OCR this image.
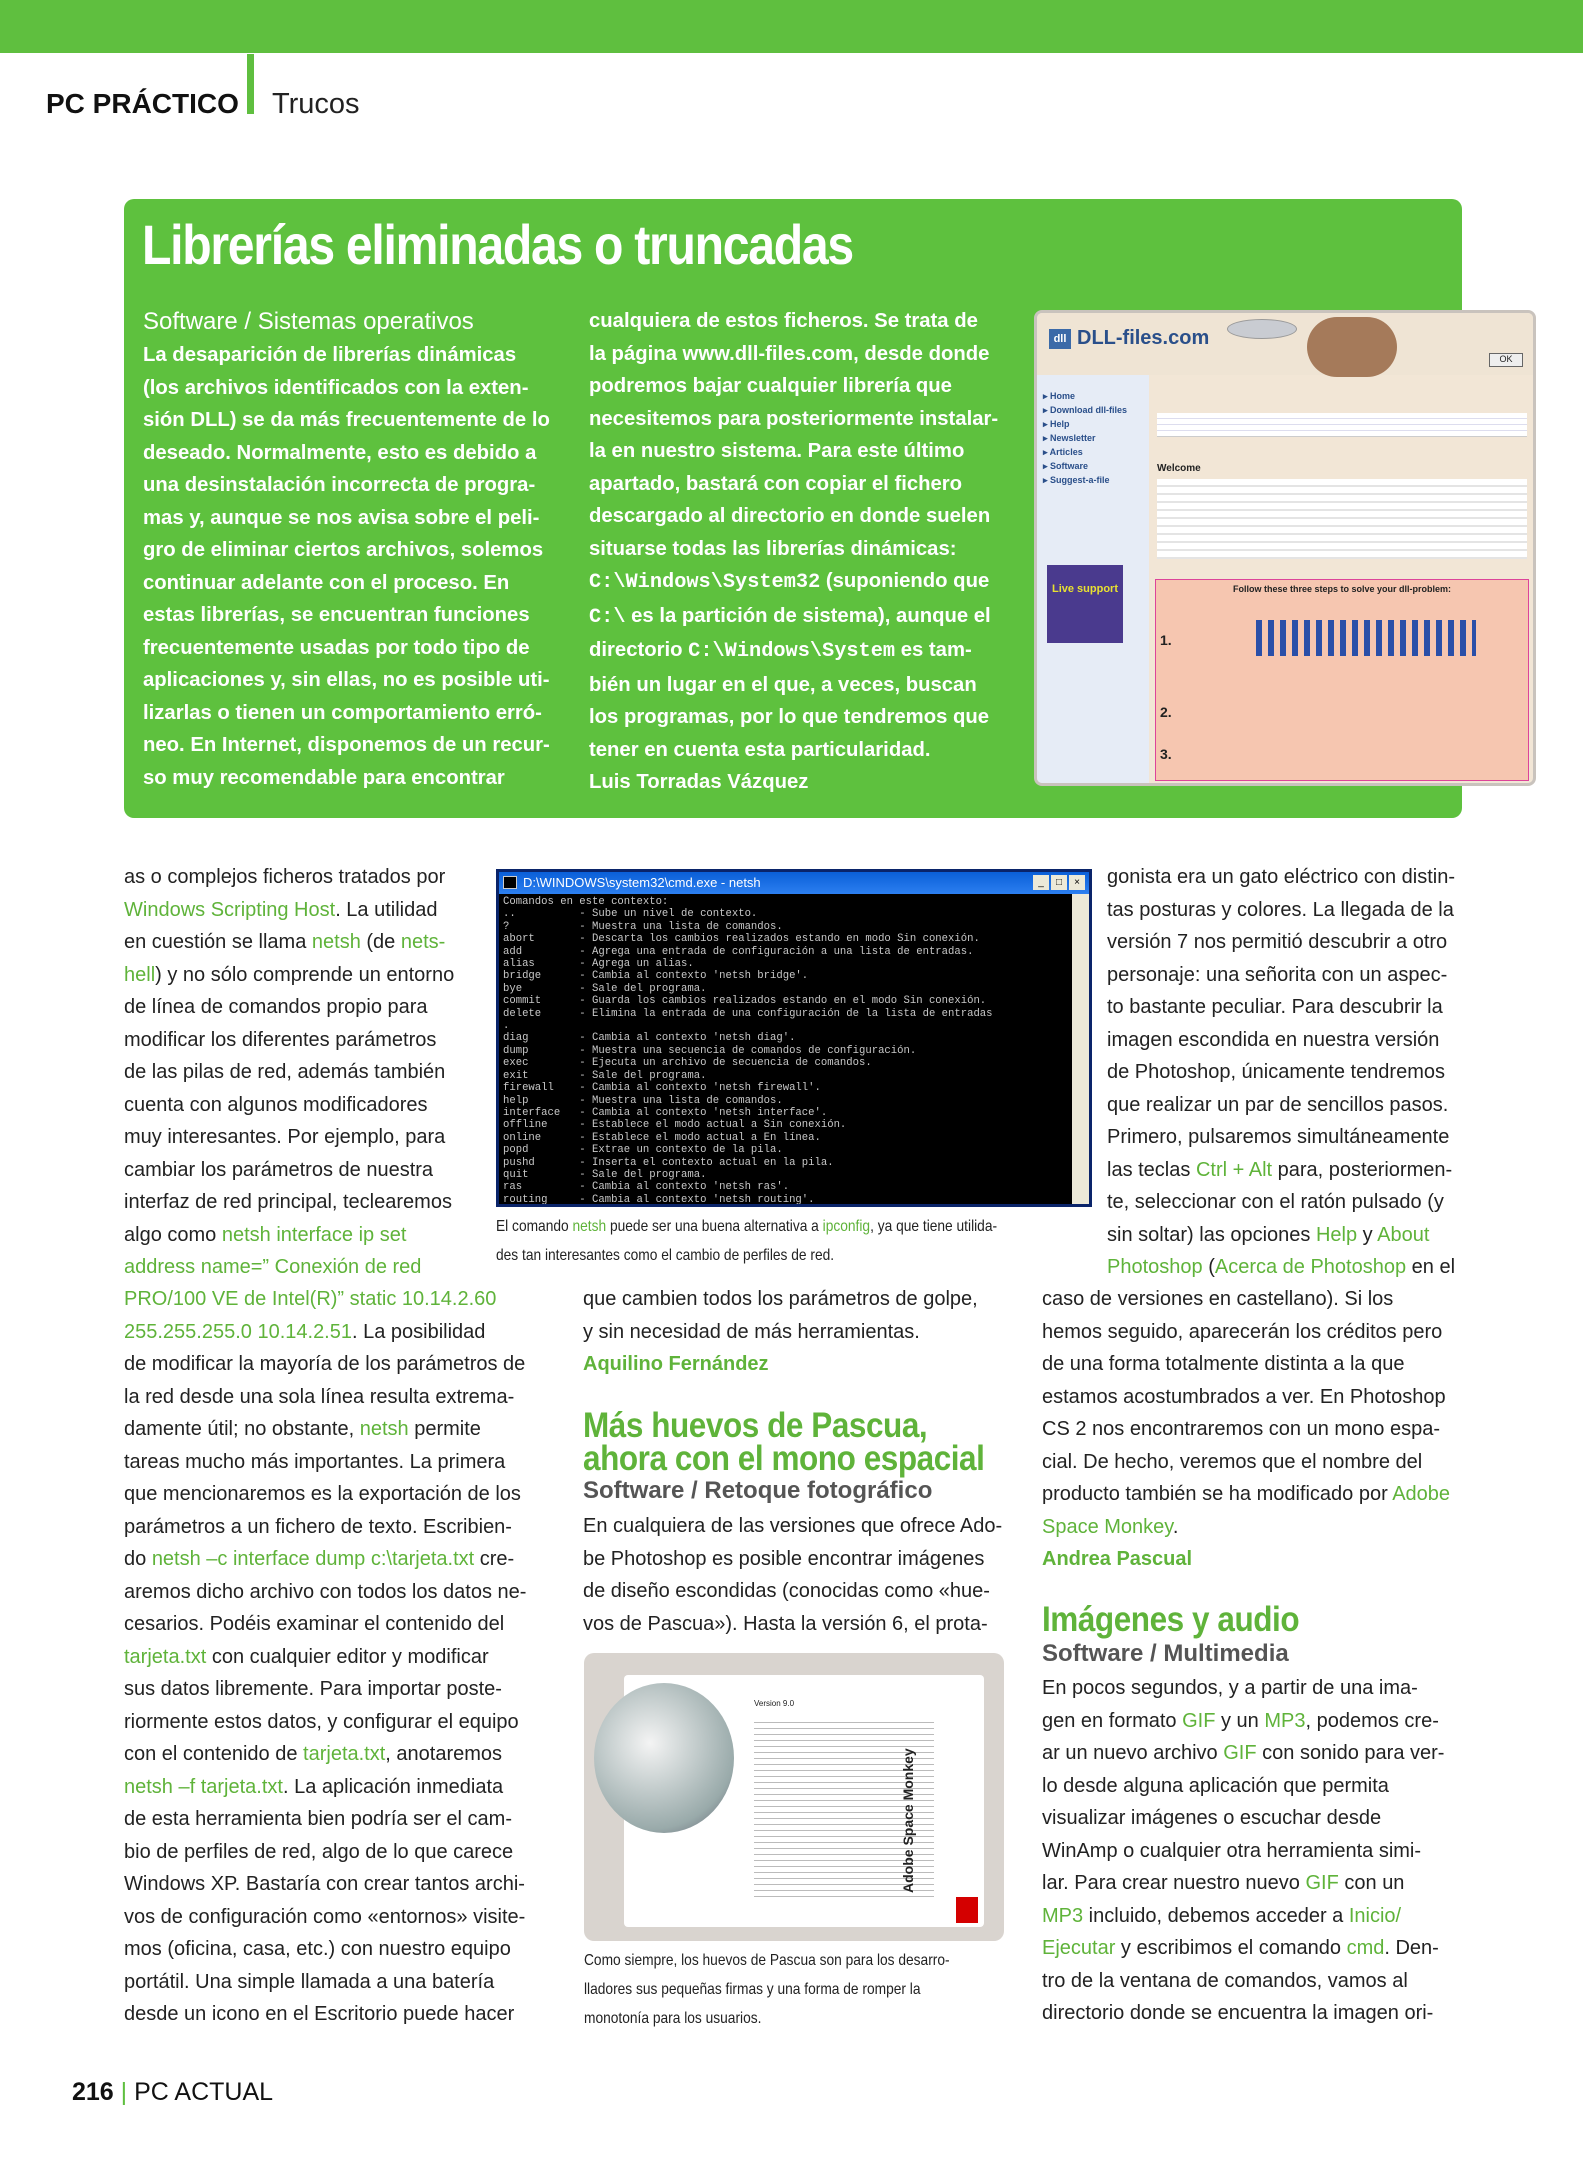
PC PRÁCTICO Trucos
Librerías eliminadas o truncadas
Software / Sistemas operativos
La desaparición de librerías dinámicas
(los archivos identificados con la exten-
sión DLL) se da más frecuentemente de lo
deseado. Normalmente, esto es debido a
una desinstalación incorrecta de progra-
mas y, aunque se nos avisa sobre el peli-
gro de eliminar ciertos archivos, solemos
continuar adelante con el proceso. En
estas librerías, se encuentran funciones
frecuentemente usadas por todo tipo de
aplicaciones y, sin ellas, no es posible uti-
lizarlas o tienen un comportamiento erró-
neo. En Internet, disponemos de un recur-
so muy recomendable para encontrar
cualquiera de estos ficheros. Se trata de
la página www.dll-files.com, desde donde
podremos bajar cualquier librería que
necesitemos para posteriormente instalar-
la en nuestro sistema. Para este último
apartado, bastará con copiar el fichero
descargado al directorio en donde suelen
situarse todas las librerías dinámicas:
C:\Windows\System32 (suponiendo que
C:\ es la partición de sistema), aunque el
directorio C:\Windows\System es tam-
bién un lugar en el que, a veces, buscan
los programas, por lo que tendremos que
tener en cuenta esta particularidad.
Luis Torradas Vázquez
dll DLL-files.com
OK
▸ Home
▸ Download dll-files
▸ Help
▸ Newsletter
▸ Articles
▸ Software
▸ Suggest-a-file
Live support
Welcome
Follow these three steps to solve your dll-problem:
1.
2.
3.
as o complejos ficheros tratados por
Windows Scripting Host. La utilidad
en cuestión se llama netsh (de nets-
hell) y no sólo comprende un entorno
de línea de comandos propio para
modificar los diferentes parámetros
de las pilas de red, además también
cuenta con algunos modificadores
muy interesantes. Por ejemplo, para
cambiar los parámetros de nuestra
interfaz de red principal, teclearemos
algo como netsh interface ip set
address name=” Conexión de red
PRO/100 VE de Intel(R)” static 10.14.2.60
255.255.255.0 10.14.2.51. La posibilidad
de modificar la mayoría de los parámetros de
la red desde una sola línea resulta extrema-
damente útil; no obstante, netsh permite
tareas mucho más importantes. La primera
que mencionaremos es la exportación de los
parámetros a un fichero de texto. Escribien-
do netsh –c interface dump c:\tarjeta.txt cre-
aremos dicho archivo con todos los datos ne-
cesarios. Podéis examinar el contenido del
tarjeta.txt con cualquier editor y modificar
sus datos libremente. Para importar poste-
riormente estos datos, y configurar el equipo
con el contenido de tarjeta.txt, anotaremos
netsh –f tarjeta.txt. La aplicación inmediata
de esta herramienta bien podría ser el cam-
bio de perfiles de red, algo de lo que carece
Windows XP. Bastaría con crear tantos archi-
vos de configuración como «entornos» visite-
mos (oficina, casa, etc.) con nuestro equipo
portátil. Una simple llamada a una batería
desde un icono en el Escritorio puede hacer
D:\WINDOWS\system32\cmd.exe - netsh	_	□	×
Comandos en este contexto:
..          - Sube un nivel de contexto.
?           - Muestra una lista de comandos.
abort       - Descarta los cambios realizados estando en modo Sin conexión.
add         - Agrega una entrada de configuración a una lista de entradas.
alias       - Agrega un alias.
bridge      - Cambia al contexto 'netsh bridge'.
bye         - Sale del programa.
commit      - Guarda los cambios realizados estando en el modo Sin conexión.
delete      - Elimina la entrada de una configuración de la lista de entradas
.
diag        - Cambia al contexto 'netsh diag'.
dump        - Muestra una secuencia de comandos de configuración.
exec        - Ejecuta un archivo de secuencia de comandos.
exit        - Sale del programa.
firewall    - Cambia al contexto 'netsh firewall'.
help        - Muestra una lista de comandos.
interface   - Cambia al contexto 'netsh interface'.
offline     - Establece el modo actual a Sin conexión.
online      - Establece el modo actual a En línea.
popd        - Extrae un contexto de la pila.
pushd       - Inserta el contexto actual en la pila.
quit        - Sale del programa.
ras         - Cambia al contexto 'netsh ras'.
routing     - Cambia al contexto 'netsh routing'.
El comando netsh puede ser una buena alternativa a ipconfig, ya que tiene utilida-
des tan interesantes como el cambio de perfiles de red.
que cambien todos los parámetros de golpe,
y sin necesidad de más herramientas.
Aquilino Fernández
Más huevos de Pascua,
ahora con el mono espacial
Software / Retoque fotográfico
En cualquiera de las versiones que ofrece Ado-
be Photoshop es posible encontrar imágenes
de diseño escondidas (conocidas como «hue-
vos de Pascua»). Hasta la versión 6, el prota-
Version 9.0
Adobe Space Monkey
Como siempre, los huevos de Pascua son para los desarro-
lladores sus pequeñas firmas y una forma de romper la
monotonía para los usuarios.
gonista era un gato eléctrico con distin-
tas posturas y colores. La llegada de la
versión 7 nos permitió descubrir a otro
personaje: una señorita con un aspec-
to bastante peculiar. Para descubrir la
imagen escondida en nuestra versión
de Photoshop, únicamente tendremos
que realizar un par de sencillos pasos.
Primero, pulsaremos simultáneamente
las teclas Ctrl + Alt para, posteriormen-
te, seleccionar con el ratón pulsado (y
sin soltar) las opciones Help y About
Photoshop (Acerca de Photoshop en el
caso de versiones en castellano). Si los
hemos seguido, aparecerán los créditos pero
de una forma totalmente distinta a la que
estamos acostumbrados a ver. En Photoshop
CS 2 nos encontraremos con un mono espa-
cial. De hecho, veremos que el nombre del
producto también se ha modificado por Adobe
Space Monkey.
Andrea Pascual
Imágenes y audio
Software / Multimedia
En pocos segundos, y a partir de una ima-
gen en formato GIF y un MP3, podemos cre-
ar un nuevo archivo GIF con sonido para ver-
lo desde alguna aplicación que permita
visualizar imágenes o escuchar desde
WinAmp o cualquier otra herramienta simi-
lar. Para crear nuestro nuevo GIF con un
MP3 incluido, debemos acceder a Inicio/
Ejecutar y escribimos el comando cmd. Den-
tro de la ventana de comandos, vamos al
directorio donde se encuentra la imagen ori-
216 | PC ACTUAL
